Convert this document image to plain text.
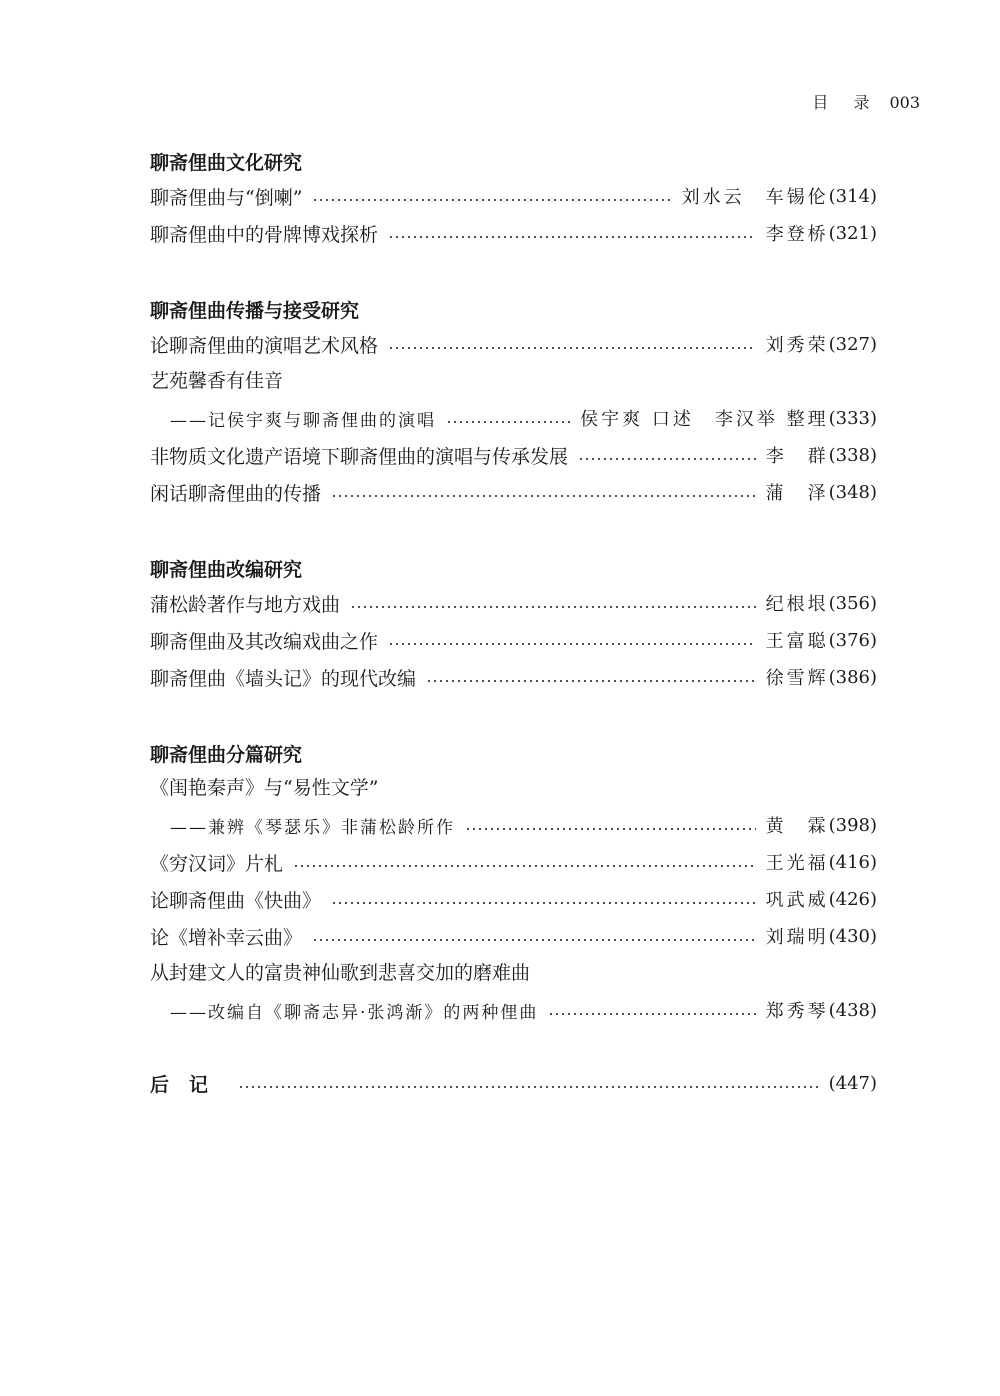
目 录 003
聊斋俚曲文化研究
聊斋俚曲与“倒喇”	刘水云　车锡伦 (314)
聊斋俚曲中的骨牌博戏探析	李登桥 (321)
聊斋俚曲传播与接受研究
论聊斋俚曲的演唱艺术风格	刘秀荣 (327)
艺苑馨香有佳音
——记侯宇爽与聊斋俚曲的演唱	侯宇爽 口述　李汉举 整理 (333)
非物质文化遗产语境下聊斋俚曲的演唱与传承发展	李　群 (338)
闲话聊斋俚曲的传播	蒲　泽 (348)
聊斋俚曲改编研究
蒲松龄著作与地方戏曲	纪根垠 (356)
聊斋俚曲及其改编戏曲之作	王富聪 (376)
聊斋俚曲《墙头记》的现代改编	徐雪辉 (386)
聊斋俚曲分篇研究
《闺艳秦声》与“易性文学”
——兼辨《琴瑟乐》非蒲松龄所作	黄　霖 (398)
《穷汉词》片札	王光福 (416)
论聊斋俚曲《快曲》	巩武威 (426)
论《增补幸云曲》	刘瑞明 (430)
从封建文人的富贵神仙歌到悲喜交加的磨难曲
——改编自《聊斋志异·张鸿渐》的两种俚曲	郑秀琴 (438)
后记	(447)
